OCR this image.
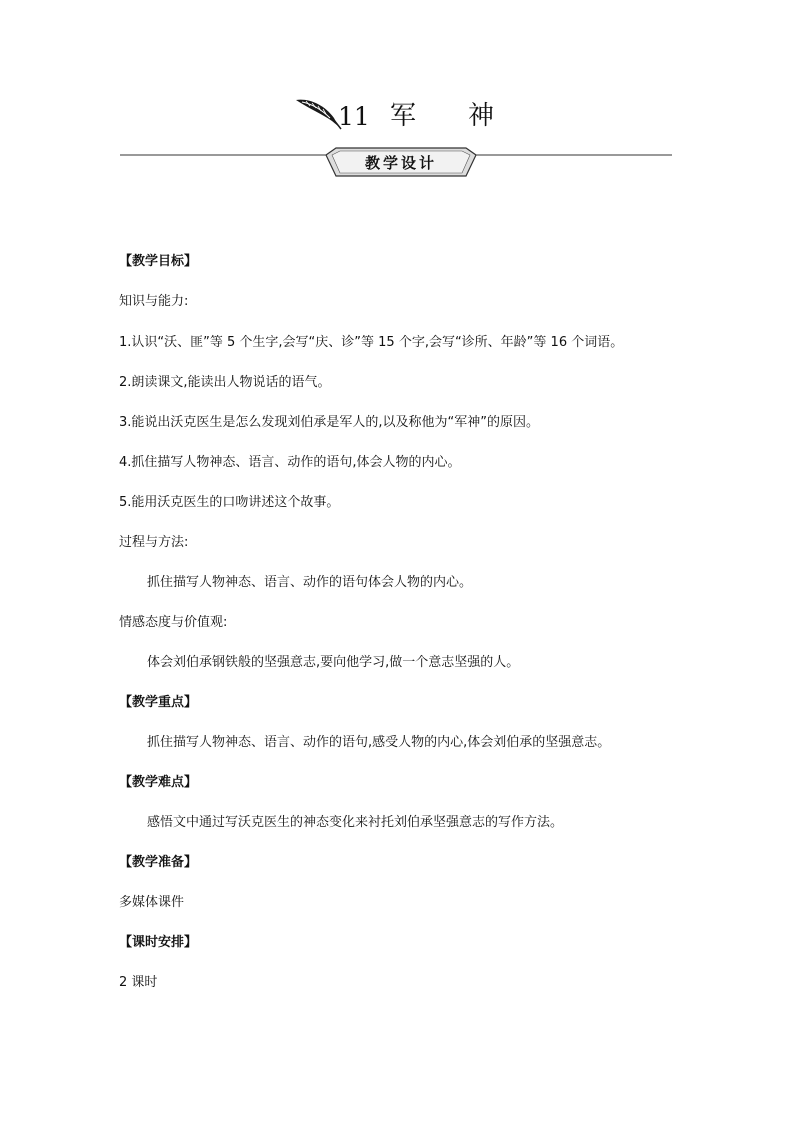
11 军 神
教学设计

【教学目标】

知识与能力:

1.认识“沃、匪”等 5 个生字,会写“庆、诊”等 15 个字,会写“诊所、年龄”等 16 个词语。

2.朗读课文,能读出人物说话的语气。

3.能说出沃克医生是怎么发现刘伯承是军人的,以及称他为“军神”的原因。

4.抓住描写人物神态、语言、动作的语句,体会人物的内心。

5.能用沃克医生的口吻讲述这个故事。

过程与方法:

抓住描写人物神态、语言、动作的语句体会人物的内心。

情感态度与价值观:

体会刘伯承钢铁般的坚强意志,要向他学习,做一个意志坚强的人。

【教学重点】

抓住描写人物神态、语言、动作的语句,感受人物的内心,体会刘伯承的坚强意志。

【教学难点】

感悟文中通过写沃克医生的神态变化来衬托刘伯承坚强意志的写作方法。

【教学准备】

多媒体课件

【课时安排】

2 课时
